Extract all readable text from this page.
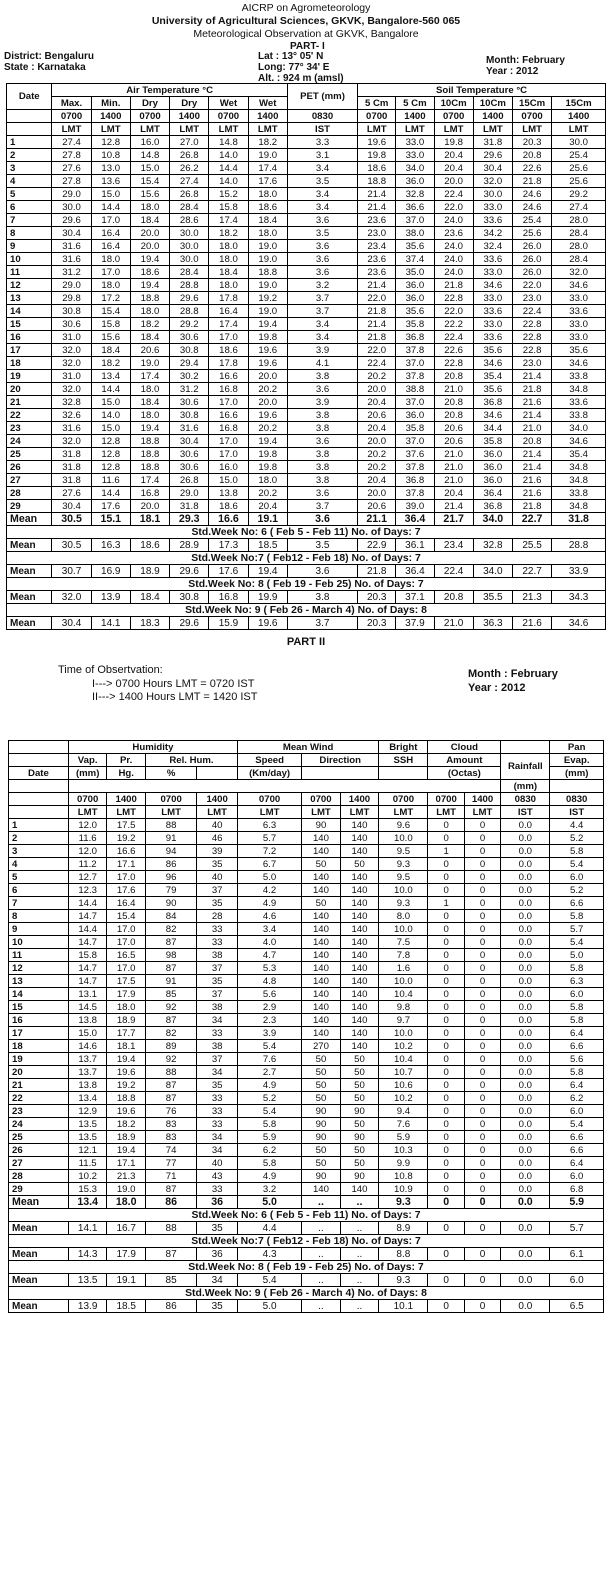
AICRP on Agrometeorology
University of Agricultural Sciences, GKVK, Bangalore-560 065
Meteorological Observation at GKVK, Bangalore
PART- I
District: Bengaluru
State : Karnataka
Lat : 13° 05' N
Long: 77° 34' E
Alt. : 924 m (amsl)
Month: February
Year : 2012
Date	Air Temperature °C						PET (mm)	Soil Temperature °C					
	Max.	Min.	Dry	Dry	Wet	Wet		5 Cm	5 Cm	10Cm	10Cm	15Cm	15Cm
	0700	1400	0700	1400	0700	1400	0830	0700	1400	0700	1400	0700	1400
	LMT	LMT	LMT	LMT	LMT	LMT	IST	LMT	LMT	LMT	LMT	LMT	LMT
1	27.4	12.8	16.0	27.0	14.8	18.2	3.3	19.6	33.0	19.8	31.8	20.3	30.0
2	27.8	10.8	14.8	26.8	14.0	19.0	3.1	19.8	33.0	20.4	29.6	20.8	25.4
3	27.6	13.0	15.0	26.2	14.4	17.4	3.4	18.6	34.0	20.4	30.4	22.6	25.6
4	27.8	13.6	15.4	27.4	14.0	17.6	3.5	18.8	36.0	20.0	32.0	21.8	25.6
5	29.0	15.0	15.6	26.8	15.2	18.0	3.4	21.4	32.8	22.4	30.0	24.6	29.2
6	30.0	14.4	18.0	28.4	15.8	18.6	3.4	21.4	36.6	22.0	33.0	24.6	27.4
7	29.6	17.0	18.4	28.6	17.4	18.4	3.6	23.6	37.0	24.0	33.6	25.4	28.0
8	30.4	16.4	20.0	30.0	18.2	18.0	3.5	23.0	38.0	23.6	34.2	25.6	28.4
9	31.6	16.4	20.0	30.0	18.0	19.0	3.6	23.4	35.6	24.0	32.4	26.0	28.0
10	31.6	18.0	19.4	30.0	18.0	19.0	3.6	23.6	37.4	24.0	33.6	26.0	28.4
11	31.2	17.0	18.6	28.4	18.4	18.8	3.6	23.6	35.0	24.0	33.0	26.0	32.0
12	29.0	18.0	19.4	28.8	18.0	19.0	3.2	21.4	36.0	21.8	34.6	22.0	34.6
13	29.8	17.2	18.8	29.6	17.8	19.2	3.7	22.0	36.0	22.8	33.0	23.0	33.0
14	30.8	15.4	18.0	28.8	16.4	19.0	3.7	21.8	35.6	22.0	33.6	22.4	33.6
15	30.6	15.8	18.2	29.2	17.4	19.4	3.4	21.4	35.8	22.2	33.0	22.8	33.0
16	31.0	15.6	18.4	30.6	17.0	19.8	3.4	21.8	36.8	22.4	33.6	22.8	33.0
17	32.0	18.4	20.6	30.8	18.6	19.6	3.9	22.0	37.8	22.6	35.6	22.8	35.6
18	32.0	18.2	19.0	29.4	17.8	19.6	4.1	22.4	37.0	22.8	34.6	23.0	34.6
19	31.0	13.4	17.4	30.2	16.6	20.0	3.8	20.2	37.8	20.8	35.4	21.4	33.8
20	32.0	14.4	18.0	31.2	16.8	20.2	3.6	20.0	38.8	21.0	35.6	21.8	34.8
21	32.8	15.0	18.4	30.6	17.0	20.0	3.9	20.4	37.0	20.8	36.8	21.6	33.6
22	32.6	14.0	18.0	30.8	16.6	19.6	3.8	20.6	36.0	20.8	34.6	21.4	33.8
23	31.6	15.0	19.4	31.6	16.8	20.2	3.8	20.4	35.8	20.6	34.4	21.0	34.0
24	32.0	12.8	18.8	30.4	17.0	19.4	3.6	20.0	37.0	20.6	35.8	20.8	34.6
25	31.8	12.8	18.8	30.6	17.0	19.8	3.8	20.2	37.6	21.0	36.0	21.4	35.4
26	31.8	12.8	18.8	30.6	16.0	19.8	3.8	20.2	37.8	21.0	36.0	21.4	34.8
27	31.8	11.6	17.4	26.8	15.0	18.0	3.8	20.4	36.8	21.0	36.0	21.6	34.8
28	27.6	14.4	16.8	29.0	13.8	20.2	3.6	20.0	37.8	20.4	36.4	21.6	33.8
29	30.4	17.6	20.0	31.8	18.6	20.4	3.7	20.6	39.0	21.4	36.8	21.8	34.8
Mean	30.5	15.1	18.1	29.3	16.6	19.1	3.6	21.1	36.4	21.7	34.0	22.7	31.8
Std.Week No: 6 ( Feb 5 - Feb 11) No. of Days: 7													
Mean	30.5	16.3	18.6	28.9	17.3	18.5	3.5	22.9	36.1	23.4	32.8	25.5	28.8
Std.Week No:7 ( Feb12 - Feb 18) No. of Days: 7													
Mean	30.7	16.9	18.9	29.6	17.6	19.4	3.6	21.8	36.4	22.4	34.0	22.7	33.9
Std.Week No: 8 ( Feb 19 - Feb 25) No. of Days: 7													
Mean	32.0	13.9	18.4	30.8	16.8	19.9	3.8	20.3	37.1	20.8	35.5	21.3	34.3
Std.Week No: 9 ( Feb 26 - March 4) No. of Days: 8													
Mean	30.4	14.1	18.3	29.6	15.9	19.6	3.7	20.3	37.9	21.0	36.3	21.6	34.6
PART II
Time of Obsertvation:
I---> 0700 Hours LMT = 0720 IST
II---> 1400 Hours LMT = 1420 IST
Month : February
Year : 2012
	Humidity				Mean Wind			Bright	Cloud			Pan
	Vap.	Pr.	Rel. Hum.		Speed	Direction		SSH	Amount		Rainfall	Evap.
Date	(mm)	Hg.	%		(Km/day)				(Octas)			(mm)
											(mm)	
	0700	1400	0700	1400	0700	0700	1400	0700	0700	1400	0830	0830
	LMT	LMT	LMT	LMT	LMT	LMT	LMT	LMT	LMT	LMT	IST	IST
1	12.0	17.5	88	40	6.3	90	140	9.6	0	0	0.0	4.4
2	11.6	19.2	91	46	5.7	140	140	10.0	0	0	0.0	5.2
3	12.0	16.6	94	39	7.2	140	140	9.5	1	0	0.0	5.8
4	11.2	17.1	86	35	6.7	50	50	9.3	0	0	0.0	5.4
5	12.7	17.0	96	40	5.0	140	140	9.5	0	0	0.0	6.0
6	12.3	17.6	79	37	4.2	140	140	10.0	0	0	0.0	5.2
7	14.4	16.4	90	35	4.9	50	140	9.3	1	0	0.0	6.6
8	14.7	15.4	84	28	4.6	140	140	8.0	0	0	0.0	5.8
9	14.4	17.0	82	33	3.4	140	140	10.0	0	0	0.0	5.7
10	14.7	17.0	87	33	4.0	140	140	7.5	0	0	0.0	5.4
11	15.8	16.5	98	38	4.7	140	140	7.8	0	0	0.0	5.0
12	14.7	17.0	87	37	5.3	140	140	1.6	0	0	0.0	5.8
13	14.7	17.5	91	35	4.8	140	140	10.0	0	0	0.0	6.3
14	13.1	17.9	85	37	5.6	140	140	10.4	0	0	0.0	6.0
15	14.5	18.0	92	38	2.9	140	140	9.8	0	0	0.0	5.8
16	13.8	18.9	87	34	2.3	140	140	9.7	0	0	0.0	5.8
17	15.0	17.7	82	33	3.9	140	140	10.0	0	0	0.0	6.4
18	14.6	18.1	89	38	5.4	270	140	10.2	0	0	0.0	6.6
19	13.7	19.4	92	37	7.6	50	50	10.4	0	0	0.0	5.6
20	13.7	19.6	88	34	2.7	50	50	10.7	0	0	0.0	5.8
21	13.8	19.2	87	35	4.9	50	50	10.6	0	0	0.0	6.4
22	13.4	18.8	87	33	5.2	50	50	10.2	0	0	0.0	6.2
23	12.9	19.6	76	33	5.4	90	90	9.4	0	0	0.0	6.0
24	13.5	18.2	83	33	5.8	90	50	7.6	0	0	0.0	5.4
25	13.5	18.9	83	34	5.9	90	90	5.9	0	0	0.0	6.6
26	12.1	19.4	74	34	6.2	50	50	10.3	0	0	0.0	6.6
27	11.5	17.1	77	40	5.8	50	50	9.9	0	0	0.0	6.4
28	10.2	21.3	71	43	4.9	90	90	10.8	0	0	0.0	6.0
29	15.3	19.0	87	33	3.2	140	140	10.9	0	0	0.0	6.8
Mean	13.4	18.0	86	36	5.0	..	..	9.3	0	0	0.0	5.9
Std.Week No: 6 ( Feb 5 - Feb 11) No. of Days: 7												
Mean	14.1	16.7	88	35	4.4	..	..	8.9	0	0	0.0	5.7
Std.Week No:7 ( Feb12 - Feb 18) No. of Days: 7												
Mean	14.3	17.9	87	36	4.3	..	..	8.8	0	0	0.0	6.1
Std.Week No: 8 ( Feb 19 - Feb 25) No. of Days: 7												
Mean	13.5	19.1	85	34	5.4	..	..	9.3	0	0	0.0	6.0
Std.Week No: 9 ( Feb 26 - March 4) No. of Days: 8												
Mean	13.9	18.5	86	35	5.0	..	..	10.1	0	0	0.0	6.5
